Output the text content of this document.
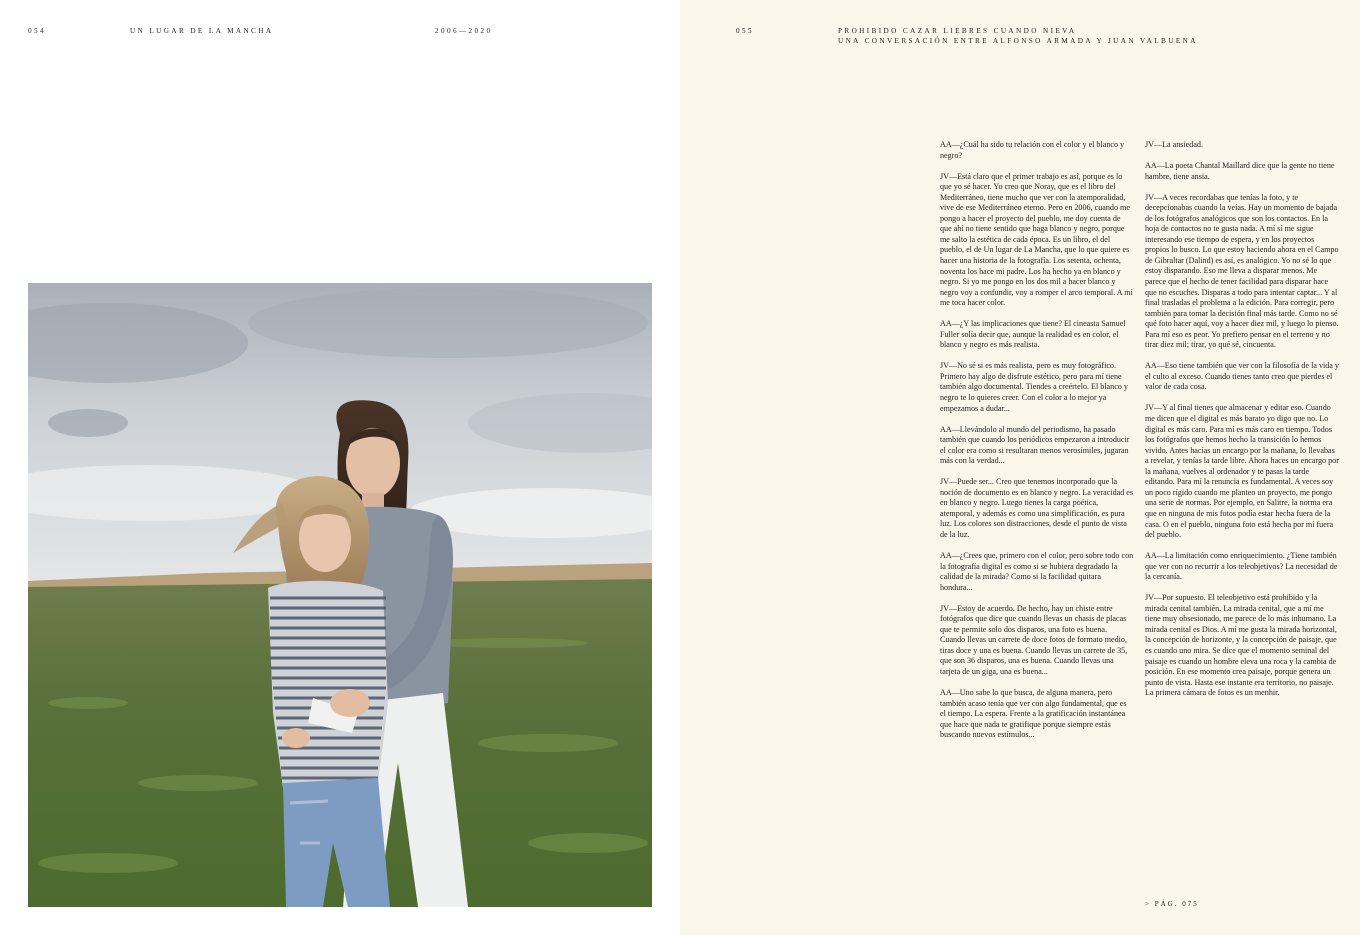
054	UN LUGAR DE LA MANCHA	2006—2020	055	PROHIBIDO CAZAR LIEBRES CUANDO NIEVA
UNA CONVERSACIÓN ENTRE ALFONSO ARMADA Y JUAN VALBUENA

AA—¿Cuál ha sido tu relación con el color y el blanco y negro?

JV—Está claro que el primer trabajo es así, porque es lo que yo sé hacer. Yo creo que Noray, que es el libro del Mediterráneo, tiene mucho que ver con la atemporalidad, vive de ese Mediterráneo eterno. Pero en 2006, cuando me pongo a hacer el proyecto del pueblo, me doy cuenta de que ahí no tiene sentido que haga blanco y negro, porque me salto la estética de cada época. Es un libro, el del pueblo, el de Un lugar de La Mancha, que lo que quiere es hacer una historia de la fotografía. Los setenta, ochenta, noventa los hace mi padre. Los ha hecho ya en blanco y negro. Si yo me pongo en los dos mil a hacer blanco y negro voy a confundir, voy a romper el arco temporal. A mí me toca hacer color.

AA—¿Y las implicaciones que tiene? El cineasta Samuel Fuller solía decir que, aunque la realidad es en color, el blanco y negro es más realista.

JV—No sé si es más realista, pero es muy fotográfico. Primero hay algo de disfrute estético, pero para mí tiene también algo documental. Tiendes a creértelo. El blanco y negro te lo quieres creer. Con el color a lo mejor ya empezamos a dudar...

AA—Llevándolo al mundo del periodismo, ha pasado también que cuando los periódicos empezaron a introducir el color era como si resultaran menos verosímiles, jugaran más con la verdad...

JV—Puede ser... Creo que tenemos incorporado que la noción de documento es en blanco y negro. La veracidad es en blanco y negro. Luego tienes la carga poética, atemporal, y además es como una simplificación, es pura luz. Los colores son distracciones, desde el punto de vista de la luz.

AA—¿Crees que, primero con el color, pero sobre todo con la fotografía digital es como si se hubiera degradado la calidad de la mirada? Como si la facilidad quitara hondura...

JV—Estoy de acuerdo. De hecho, hay un chiste entre fotógrafos que dice que cuando llevas un chasis de placas que te permite solo dos disparos, una foto es buena. Cuando llevas un carrete de doce fotos de formato medio, tiras doce y una es buena. Cuando llevas un carrete de 35, que son 36 disparos, una es buena. Cuando llevas una tarjeta de un giga, una es buena...

AA—Uno sabe lo que busca, de alguna manera, pero también acaso tenía que ver con algo fundamental, que es el tiempo. La espera. Frente a la gratificación instantánea que hace que nada te gratifique porque siempre estás buscando nuevos estímulos...

JV—La ansiedad.

AA—La poeta Chantal Maillard dice que la gente no tiene hambre, tiene ansia.

JV—A veces recordabas que tenías la foto, y te decepcionabas cuando la veías. Hay un momento de bajada de los fotógrafos analógicos que son los contactos. En la hoja de contactos no te gusta nada. A mí sí me sigue interesando ese tiempo de espera, y en los proyectos propios lo busco. Lo que estoy haciendo ahora en el Campo de Gibraltar (Dalind) es así, es analógico. Yo no sé lo que estoy disparando. Eso me lleva a disparar menos. Me parece que el hecho de tener facilidad para disparar hace que no escuches. Disparas a todo para intentar captar... Y al final trasladas el problema a la edición. Para corregir, pero también para tomar la decisión final más tarde. Como no sé qué foto hacer aquí, voy a hacer diez mil, y luego lo pienso. Para mí eso es peor. Yo prefiero pensar en el terreno y no tirar diez mil; tirar, yo qué sé, cincuenta.

AA—Eso tiene también que ver con la filosofía de la vida y el culto al exceso. Cuando tienes tanto creo que pierdes el valor de cada cosa.

JV—Y al final tienes que almacenar y editar eso. Cuando me dicen que el digital es más barato yo digo que no. Lo digital es más caro. Para mí es más caro en tiempo. Todos los fotógrafos que hemos hecho la transición lo hemos vivido. Antes hacías un encargo por la mañana, lo llevabas a revelar, y tenías la tarde libre. Ahora haces un encargo por la mañana, vuelves al ordenador y te pasas la tarde editando. Para mí la renuncia es fundamental. A veces soy un poco rígido cuando me planteo un proyecto, me pongo una serie de normas. Por ejemplo, en Salitre, la norma era que en ninguna de mis fotos podía estar hecha fuera de la casa. O en el pueblo, ninguna foto está hecha por mí fuera del pueblo.

AA—La limitación como enriquecimiento. ¿Tiene también que ver con no recurrir a los teleobjetivos? La necesidad de la cercanía.

JV—Por supuesto. El teleobjetivo está prohibido y la mirada cenital también. La mirada cenital, que a mí me tiene muy obsesionado, me parece de lo más inhumano. La mirada cenital es Dios. A mí me gusta la mirada horizontal, la concepción de horizonte, y la concepción de paisaje, que es cuando uno mira. Se dice que el momento seminal del paisaje es cuando un hombre eleva una roca y la cambia de posición. En ese momento crea paisaje, porque genera un punto de vista. Hasta ese instante era territorio, no paisaje. La primera cámara de fotos es un menhir.

> PÁG. 075
